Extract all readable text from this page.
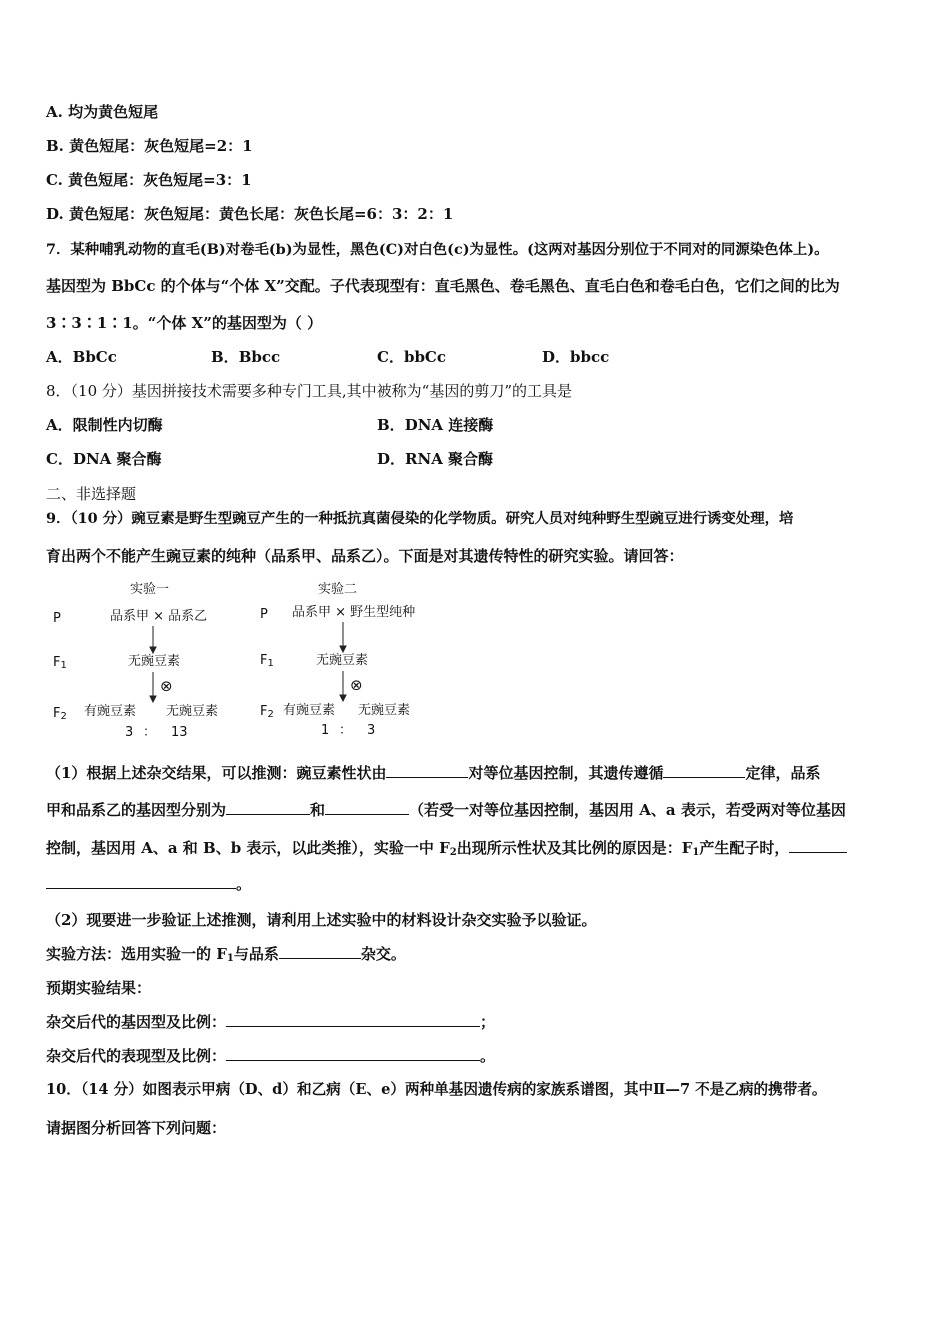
A. 均为黄色短尾
B. 黄色短尾：灰色短尾=2：1
C. 黄色短尾：灰色短尾=3：1
D. 黄色短尾：灰色短尾：黄色长尾：灰色长尾=6：3：2：1
7．某种哺乳动物的直毛(B)对卷毛(b)为显性，黑色(C)对白色(c)为显性。(这两对基因分别位于不同对的同源染色体上)。
基因型为 BbCc 的个体与“个体 X”交配。子代表现型有：直毛黑色、卷毛黑色、直毛白色和卷毛白色，它们之间的比为
3∶3∶1∶1。“个体 X”的基因型为（ ）
A．BbCc	B．Bbcc	C．bbCc	D．bbcc
8．（10 分）基因拼接技术需要多种专门工具,其中被称为“基因的剪刀”的工具是
A．限制性内切酶	B．DNA 连接酶
C．DNA 聚合酶	D．RNA 聚合酶
二、非选择题
9．（10 分）豌豆素是野生型豌豆产生的一种抵抗真菌侵染的化学物质。研究人员对纯种野生型豌豆进行诱变处理，培
育出两个不能产生豌豆素的纯种（品系甲、品系乙）。下面是对其遗传特性的研究实验。请回答：
实验一
P	品系甲 × 品系乙
$F_1$	无豌豆素
⊗
$F_2$ 有豌豆素 无豌豆素
3 ： 13
实验二
P 品系甲 × 野生型纯种
$F_1$	无豌豆素
⊗
$F_2$ 有豌豆素 无豌豆素
1 ： 3
（1）根据上述杂交结果，可以推测：豌豆素性状由	对等位基因控制，其遗传遵循	定律，品系
甲和品系乙的基因型分别为	和	（若受一对等位基因控制，基因用 A、a 表示，若受两对等位基因
控制，基因用 A、a 和 B、b 表示，以此类推），实验一中 $F_2$出现所示性状及其比例的原因是：$F_1$产生配子时，
。
（2）现要进一步验证上述推测，请利用上述实验中的材料设计杂交实验予以验证。
实验方法：选用实验一的 $F_1$与品系	杂交。
预期实验结果：
杂交后代的基因型及比例：	；
杂交后代的表现型及比例：	。
10．（14 分）如图表示甲病（D、d）和乙病（E、e）两种单基因遗传病的家族系谱图，其中Ⅱ—7 不是乙病的携带者。
请据图分析回答下列问题：
